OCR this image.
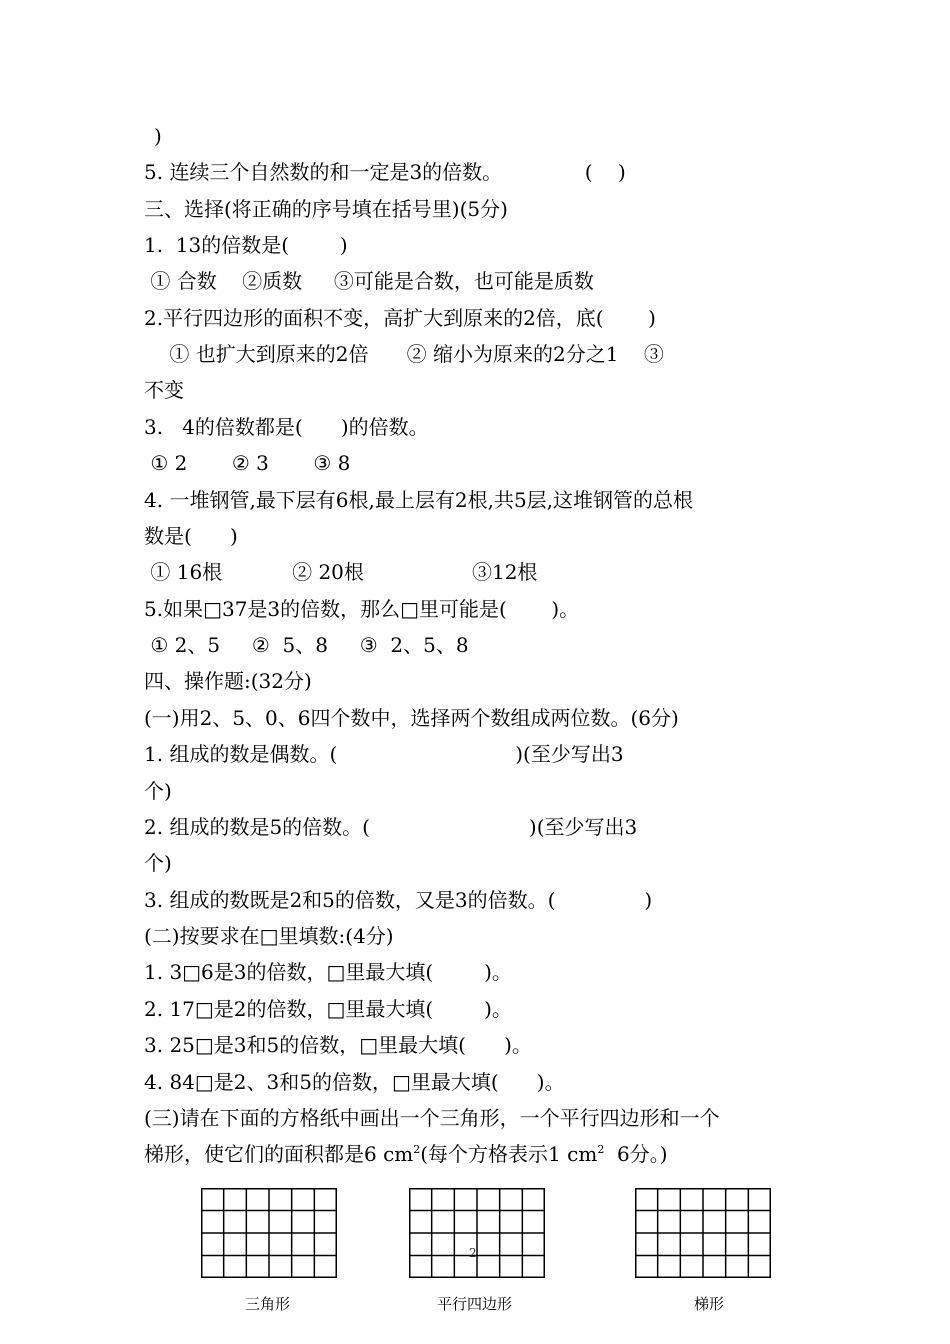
)
5. 连续三个自然数的和一定是3的倍数。             (    )
三、选择(将正确的序号填在括号里)(5分)
1.  13的倍数是(        )
① 合数    ②质数     ③可能是合数，也可能是质数
2.平行四边形的面积不变，高扩大到原来的2倍，底(       )
① 也扩大到原来的2倍      ② 缩小为原来的2分之1    ③
不变
3.   4的倍数都是(      )的倍数。
① 2       ② 3       ③ 8
4. 一堆钢管,最下层有6根,最上层有2根,共5层,这堆钢管的总根
数是(      )
① 16根           ② 20根                 ③12根
5.如果□37是3的倍数，那么□里可能是(       )。
① 2、5     ②  5、8     ③  2、5、8
四、操作题:(32分)
(一)用2、5、0、6四个数中，选择两个数组成两位数。(6分)
1. 组成的数是偶数。(                            )(至少写出3
个)
2. 组成的数是5的倍数。(                         )(至少写出3
个)
3. 组成的数既是2和5的倍数，又是3的倍数。(              )
(二)按要求在□里填数:(4分)
1. 3□6是3的倍数，□里最大填(        )。
2. 17□是2的倍数，□里最大填(        )。
3. 25□是3和5的倍数，□里最大填(      )。
4. 84□是2、3和5的倍数，□里最大填(      )。
(三)请在下面的方格纸中画出一个三角形，一个平行四边形和一个
梯形，使它们的面积都是6 $cm^2$(每个方格表示1 $cm^2$  6分。)
2
三角形	平行四边形	梯形
